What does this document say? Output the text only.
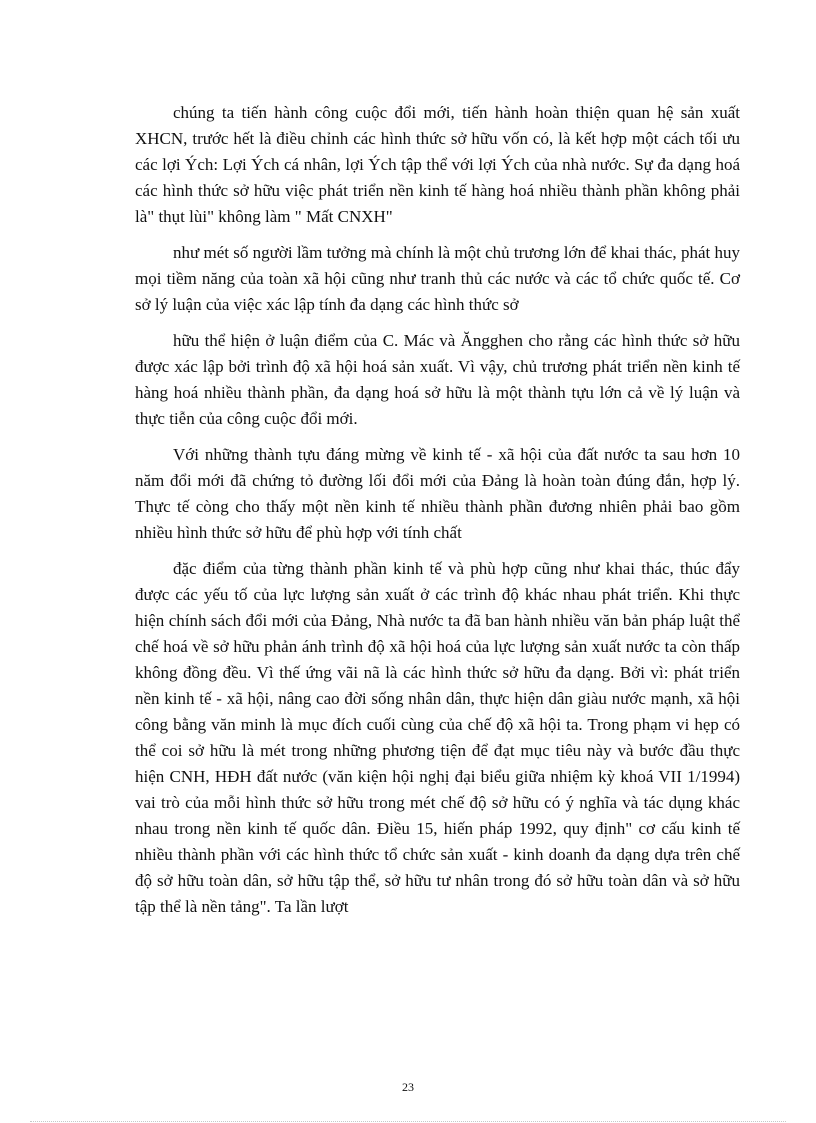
chúng ta tiến hành công cuộc đổi mới, tiến hành hoàn thiện quan hệ sản xuất XHCN, trước hết là điều chỉnh các hình thức sở hữu vốn có, là kết hợp một cách tối ưu các lợi Ých: Lợi Ých cá nhân, lợi Ých tập thể với lợi Ých của nhà nước. Sự đa dạng hoá các hình thức sở hữu việc phát triển nền kinh tế hàng hoá nhiều thành phần không phải là" thụt lùi" không làm " Mất CNXH"

như mét số người lầm tưởng mà chính là một chủ trương lớn để khai thác, phát huy mọi tiềm năng của toàn xã hội cũng như tranh thủ các nước và các tổ chức quốc tế. Cơ sở lý luận của việc xác lập tính đa dạng các hình thức sở

hữu thể hiện ở luận điểm của C. Mác và Ăngghen cho rằng các hình thức sở hữu được xác lập bởi trình độ xã hội hoá sản xuất. Vì vậy, chủ trương phát triển nền kinh tế hàng hoá nhiều thành phần, đa dạng hoá sở hữu là một thành tựu lớn cả về lý luận và thực tiễn của công cuộc đổi mới.

Với những thành tựu đáng mừng về kinh tế - xã hội của đất nước ta sau hơn 10 năm đổi mới đã chứng tỏ đường lối đổi mới của Đảng là hoàn toàn đúng đắn, hợp lý. Thực tế còng cho thấy một nền kinh tế nhiều thành phần đương nhiên phải bao gồm nhiều hình thức sở hữu để phù hợp với tính chất

đặc điểm của từng thành phần kinh tế và phù hợp cũng như khai thác, thúc đẩy được các yếu tố của lực lượng sản xuất ở các trình độ khác nhau phát triển. Khi thực hiện chính sách đổi mới của Đảng, Nhà nước ta đã ban hành nhiều văn bản pháp luật thể chế hoá về sở hữu phản ánh trình độ xã hội hoá của lực lượng sản xuất nước ta còn thấp không đồng đều. Vì thế ứng vãi nã là các hình thức sở hữu đa dạng. Bởi vì: phát triển nền kinh tế - xã hội, nâng cao đời sống nhân dân, thực hiện dân giàu nước mạnh, xã hội công bằng văn minh là mục đích cuối cùng của chế độ xã hội ta. Trong phạm vi hẹp có thể coi sở hữu là mét trong những phương tiện để đạt mục tiêu này và bước đầu thực hiện CNH, HĐH đất nước (văn kiện hội nghị đại biểu giữa nhiệm kỳ khoá VII 1/1994) vai trò của mỗi hình thức sở hữu trong mét chế độ sở hữu có ý nghĩa và tác dụng khác nhau trong nền kinh tế quốc dân. Điều 15, hiến pháp 1992, quy định" cơ cấu kinh tế nhiều thành phần với các hình thức tổ chức sản xuất - kinh doanh đa dạng dựa trên chế độ sở hữu toàn dân, sở hữu tập thể, sở hữu tư nhân trong đó sở hữu toàn dân và sở hữu tập thể là nền tảng". Ta lần lượt

23
